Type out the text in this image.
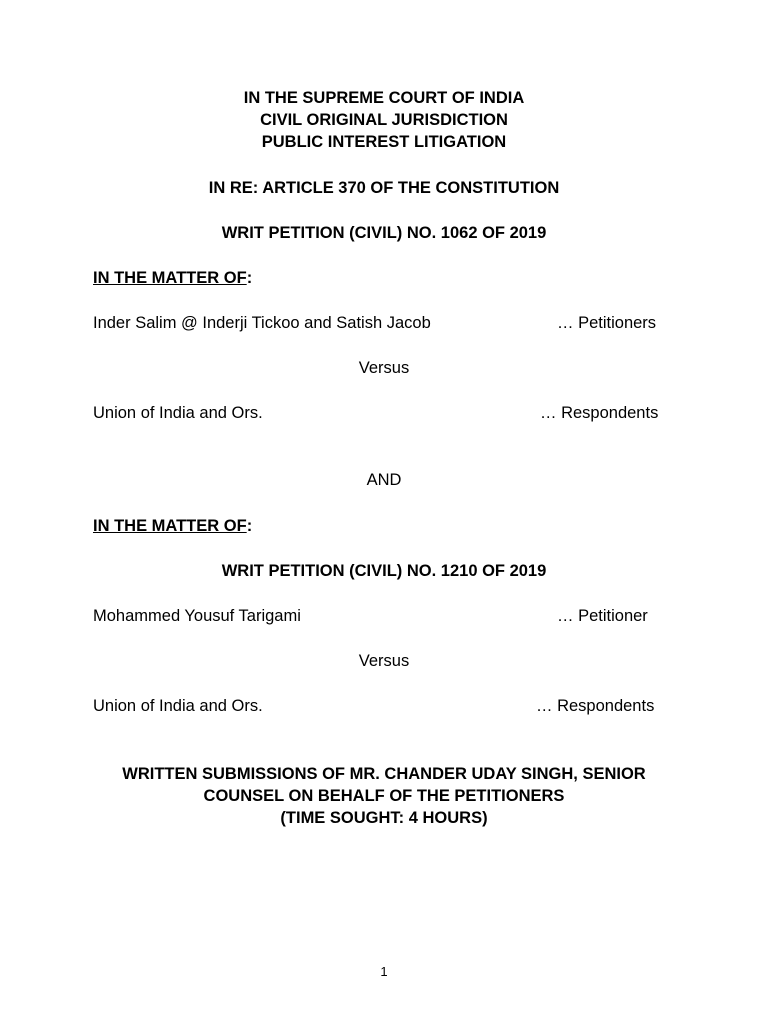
IN THE SUPREME COURT OF INDIA
CIVIL ORIGINAL JURISDICTION
PUBLIC INTEREST LITIGATION
IN RE: ARTICLE 370 OF THE CONSTITUTION
WRIT PETITION (CIVIL) NO. 1062 OF 2019
IN THE MATTER OF:
Inder Salim @ Inderji Tickoo and Satish Jacob	… Petitioners
Versus
Union of India and Ors.	… Respondents
AND
IN THE MATTER OF:
WRIT PETITION (CIVIL) NO. 1210 OF 2019
Mohammed Yousuf Tarigami	… Petitioner
Versus
Union of India and Ors.	… Respondents
WRITTEN SUBMISSIONS OF MR. CHANDER UDAY SINGH, SENIOR
COUNSEL ON BEHALF OF THE PETITIONERS
(TIME SOUGHT: 4 HOURS)
1
